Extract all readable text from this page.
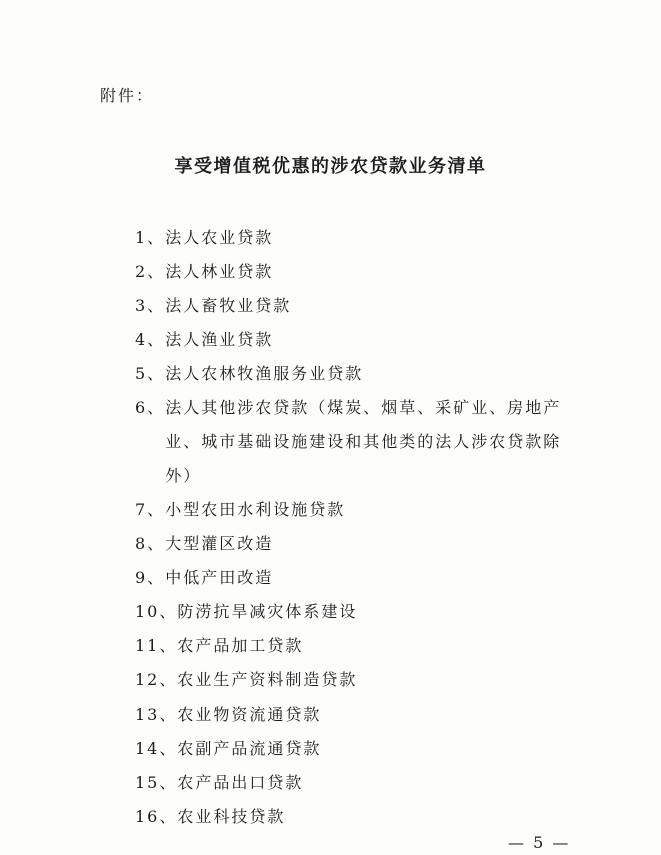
附件：
享受增值税优惠的涉农贷款业务清单
1、法人农业贷款
2、法人林业贷款
3、法人畜牧业贷款
4、法人渔业贷款
5、法人农林牧渔服务业贷款
6、法人其他涉农贷款（煤炭、烟草、采矿业、房地产
业、城市基础设施建设和其他类的法人涉农贷款除
外）
7、小型农田水利设施贷款
8、大型灌区改造
9、中低产田改造
10、防涝抗旱减灾体系建设
11、农产品加工贷款
12、农业生产资料制造贷款
13、农业物资流通贷款
14、农副产品流通贷款
15、农产品出口贷款
16、农业科技贷款
— 5 —
